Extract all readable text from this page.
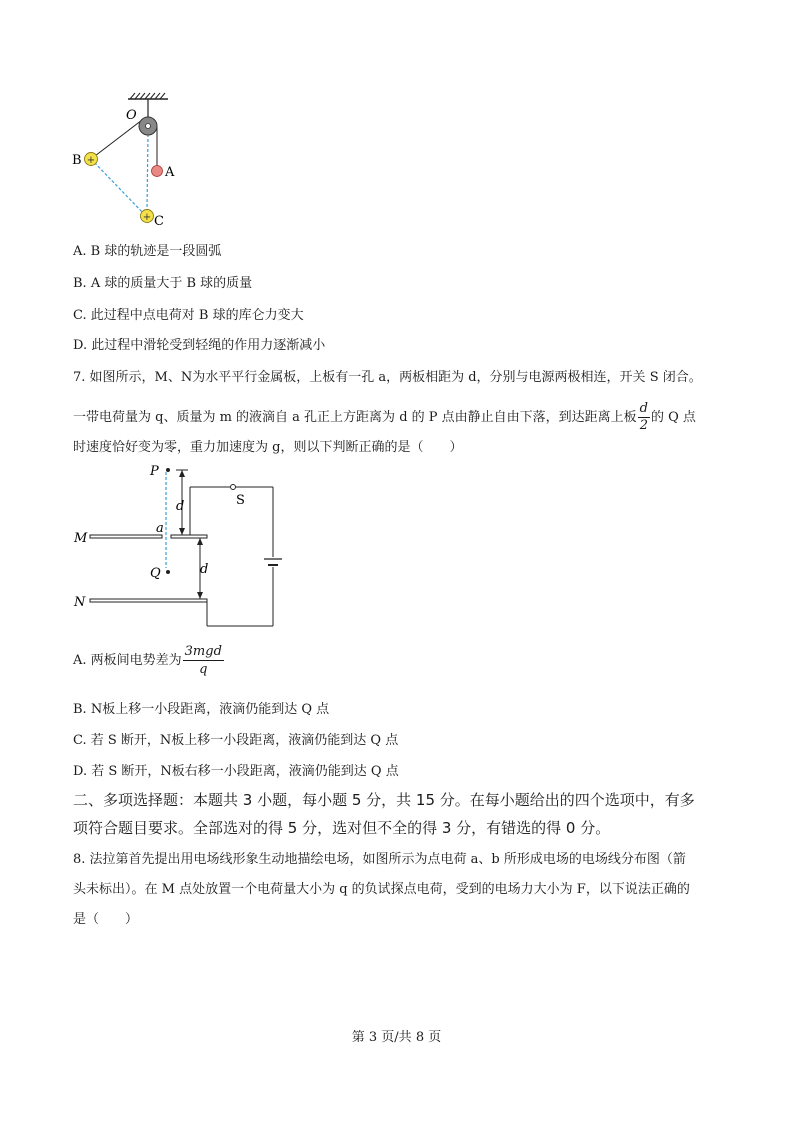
+
+
O
B
A
C
A. B 球的轨迹是一段圆弧
B. A 球的质量大于 B 球的质量
C. 此过程中点电荷对 B 球的库仑力变大
D. 此过程中滑轮受到轻绳的作用力逐渐减小
7. 如图所示，M、N为水平平行金属板，上板有一孔 a，两板相距为 d，分别与电源两极相连，开关 S 闭合。
一带电荷量为 q、质量为 m 的液滴自 a 孔正上方距离为 d 的 P 点由静止自由下落，到达距离上板 $\frac{d}{2}$ 的 Q 点
时速度恰好变为零，重力加速度为 g，则以下判断正确的是（　　）
P
S
a
M
Q
N
d
d
A. 两板间电势差为 $\frac{\text{3mgd}}{q}$
B. N板上移一小段距离，液滴仍能到达 Q 点
C. 若 S 断开，N板上移一小段距离，液滴仍能到达 Q 点
D. 若 S 断开，N板右移一小段距离，液滴仍能到达 Q 点
二、多项选择题：本题共 3 小题，每小题 5 分，共 15 分。在每小题给出的四个选项中，有多
项符合题目要求。全部选对的得 5 分，选对但不全的得 3 分，有错选的得 0 分。
8. 法拉第首先提出用电场线形象生动地描绘电场，如图所示为点电荷 a、b 所形成电场的电场线分布图（箭
头未标出）。在 M 点处放置一个电荷量大小为 q 的负试探点电荷，受到的电场力大小为 F，以下说法正确的
是（　　）
第 3 页/共 8 页
